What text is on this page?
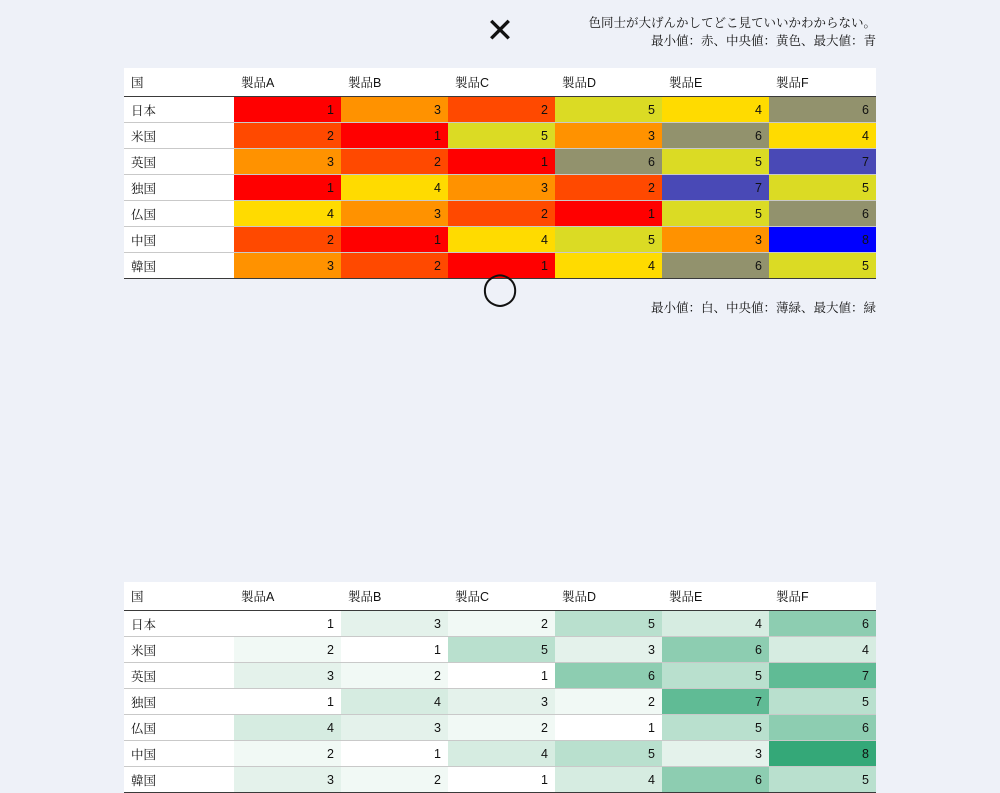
✕	色同士が大げんかしてどこ見ていいかわからない。
最小値：赤、中央値：黄色、最大値：青
国	製品A	製品B	製品C	製品D	製品E	製品F
日本	1	3	2	5	4	6
米国	2	1	5	3	6	4
英国	3	2	1	6	5	7
独国	1	4	3	2	7	5
仏国	4	3	2	1	5	6
中国	2	1	4	5	3	8
韓国	3	2	1	4	6	5
◯
最小値：白、中央値：薄緑、最大値：緑
国	製品A	製品B	製品C	製品D	製品E	製品F
日本	1	3	2	5	4	6
米国	2	1	5	3	6	4
英国	3	2	1	6	5	7
独国	1	4	3	2	7	5
仏国	4	3	2	1	5	6
中国	2	1	4	5	3	8
韓国	3	2	1	4	6	5
